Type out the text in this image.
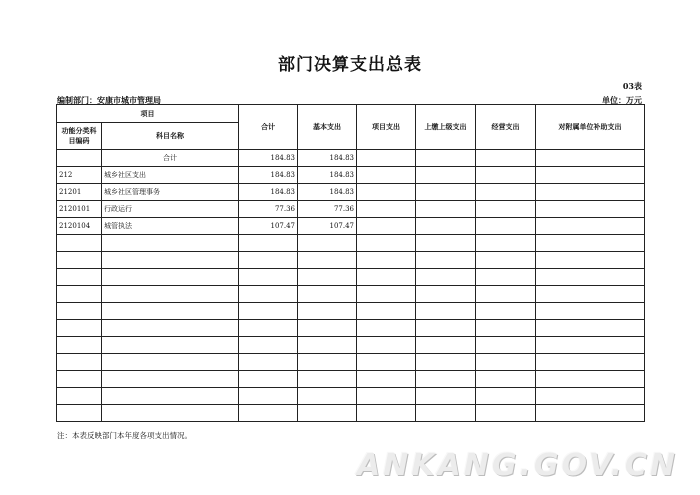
部门决算支出总表
03表
编制部门：安康市城市管理局	单位：万元
项目		合计	基本支出	项目支出	上缴上级支出	经营支出	对附属单位补助支出
功能分类科目编码	科目名称						
	合计	184.83	184.83				
212	城乡社区支出	184.83	184.83				
21201	城乡社区管理事务	184.83	184.83				
2120101	行政运行	77.36	77.36				
2120104	城管执法	107.47	107.47				

注：本表反映部门本年度各项支出情况。
ANKANG.GOV.CN
